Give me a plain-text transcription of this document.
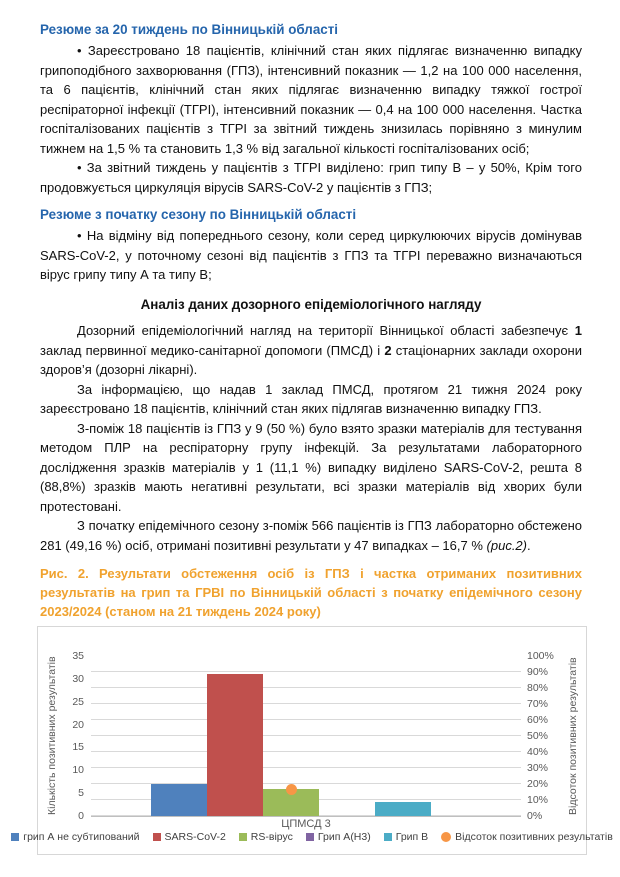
Резюме за 20 тиждень по Вінницькій області

• Зареєстровано 18 пацієнтів, клінічний стан яких підлягає визначенню випадку грипоподібного захворювання (ГПЗ), інтенсивний показник — 1,2 на 100 000 населення, та 6 пацієнтів, клінічний стан яких підлягає визначенню випадку тяжкої гострої респіраторної інфекції (ТГРІ), інтенсивний показник — 0,4 на 100 000 населення. Частка госпіталізованих пацієнтів з ТГРІ за звітний тиждень знизилась порівняно з минулим тижнем на 1,5 % та становить 1,3 % від загальної кількості госпіталізованих осіб;

• За звітний тиждень у пацієнтів з ТГРІ виділено: грип типу В – у 50%, Крім того продовжується циркуляція вірусів SARS-CoV-2 у пацієнтів з ГПЗ;

Резюме з початку сезону по Вінницькій області

• На відміну від попереднього сезону, коли серед циркулюючих вірусів домінував SARS-CoV-2, у поточному сезоні від пацієнтів з ГПЗ та ТГРІ переважно визначаються вірус грипу типу А та типу В;

Аналіз даних дозорного епідеміологічного нагляду

Дозорний епідеміологічний нагляд на території Вінницької області забезпечує 1 заклад первинної медико-санітарної допомоги (ПМСД) і 2 стаціонарних заклади охорони здоров’я (дозорні лікарні).

За інформацією, що надав 1 заклад ПМСД, протягом 21 тижня 2024 року зареєстровано 18 пацієнтів, клінічний стан яких підлягав визначенню випадку ГПЗ.

З-поміж 18 пацієнтів із ГПЗ у 9 (50 %) було взято зразки матеріалів для тестування методом ПЛР на респіраторну групу інфекцій. За результатами лабораторного дослідження зразків матеріалів у 1 (11,1 %) випадку виділено SARS-CoV-2, решта 8 (88,8%) зразків мають негативні результати, всі зразки матеріалів від хворих були протестовані.

З початку епідемічного сезону з-поміж 566 пацієнтів із ГПЗ лабораторно обстежено 281 (49,16 %) осіб, отримані позитивні результати у 47 випадках – 16,7 % (рис.2).

Рис. 2. Результати обстеження осіб із ГПЗ і частка отриманих позитивних результатів на грип та ГРВІ по Вінницькій області з початку епідемічного сезону 2023/2024 (станом на 21 тиждень 2024 року)

Кількість позитивних результатів
35
30
25
20
15
10
5
0
100%
90%
80%
70%
60%
50%
40%
30%
20%
10%
0%
Відсоток позитивних результатів
ЦПМСД 3
грип А не субтипований SARS-CoV-2 RS-вірус Грип А(Н3) Грип В	Відсоток позитивних результатів
